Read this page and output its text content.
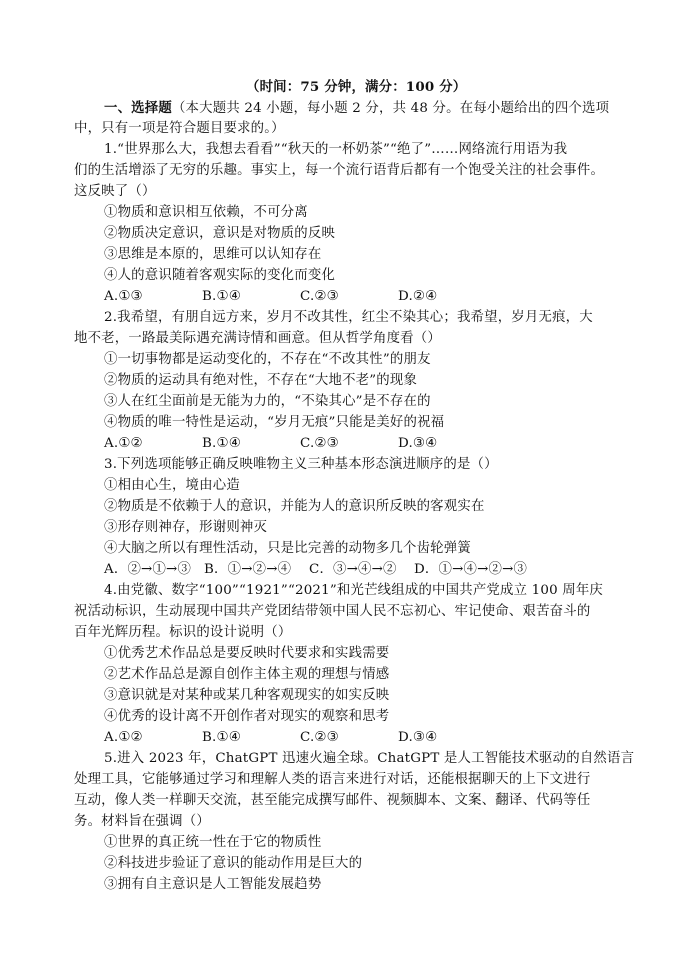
（时间：75 分钟，满分：100 分）
一、选择题（本大题共 24 小题，每小题 2 分，共 48 分。在每小题给出的四个选项
中，只有一项是符合题目要求的。）
1.“世界那么大，我想去看看”“秋天的一杯奶茶”“绝了”……网络流行用语为我
们的生活增添了无穷的乐趣。事实上，每一个流行语背后都有一个饱受关注的社会事件。
这反映了（）
①物质和意识相互依赖，不可分离
②物质决定意识，意识是对物质的反映
③思维是本原的，思维可以认知存在
④人的意识随着客观实际的变化而变化
A.①③	B.①④	C.②③	D.②④
2.我希望，有朋自远方来，岁月不改其性，红尘不染其心；我希望，岁月无痕，大
地不老，一路最美际遇充满诗情和画意。但从哲学角度看（）
①一切事物都是运动变化的，不存在“不改其性”的朋友
②物质的运动具有绝对性，不存在“大地不老”的现象
③人在红尘面前是无能为力的，“不染其心”是不存在的
④物质的唯一特性是运动，“岁月无痕”只能是美好的祝福
A.①②	B.①④	C.②③	D.③④
3.下列选项能够正确反映唯物主义三种基本形态演进顺序的是（）
①相由心生，境由心造
②物质是不依赖于人的意识，并能为人的意识所反映的客观实在
③形存则神存，形谢则神灭
④大脑之所以有理性活动，只是比完善的动物多几个齿轮弹簧
A．②→①→③ B．①→②→④ C．③→④→② D．①→④→②→③
4.由党徽、数字“100”“1921”“2021”和光芒线组成的中国共产党成立 100 周年庆
祝活动标识，生动展现中国共产党团结带领中国人民不忘初心、牢记使命、艰苦奋斗的
百年光辉历程。标识的设计说明（）
①优秀艺术作品总是要反映时代要求和实践需要
②艺术作品总是源自创作主体主观的理想与情感
③意识就是对某种或某几种客观现实的如实反映
④优秀的设计离不开创作者对现实的观察和思考
A.①②	B.①④	C.②③	D.③④
5.进入 2023 年，ChatGPT 迅速火遍全球。ChatGPT 是人工智能技术驱动的自然语言
处理工具，它能够通过学习和理解人类的语言来进行对话，还能根据聊天的上下文进行
互动，像人类一样聊天交流，甚至能完成撰写邮件、视频脚本、文案、翻译、代码等任
务。材料旨在强调（）
①世界的真正统一性在于它的物质性
②科技进步验证了意识的能动作用是巨大的
③拥有自主意识是人工智能发展趋势
